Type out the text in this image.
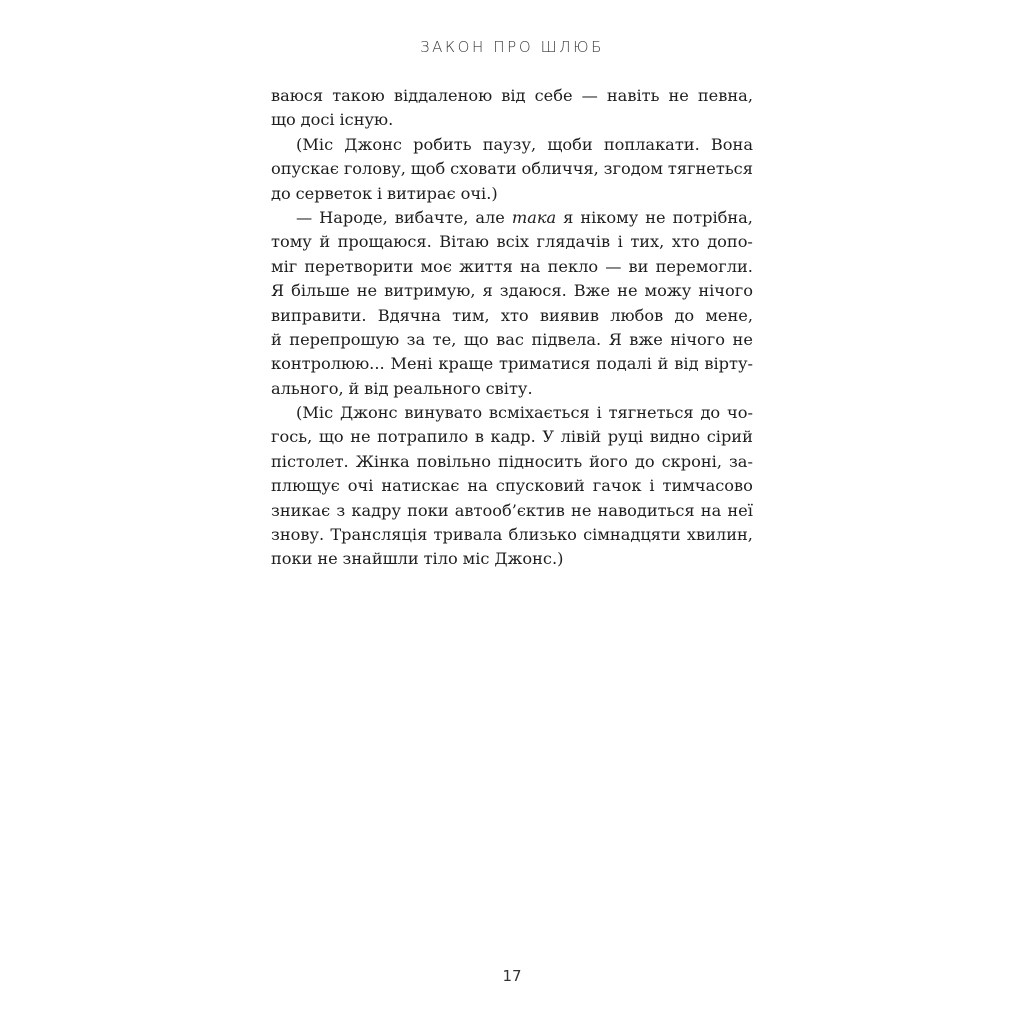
ЗАКОН ПРО ШЛЮБ
ваюся такою віддаленою від себе — навіть не певна,
що досі існую.
(Міс Джонс робить паузу, щоби поплакати. Вона
опускає голову, щоб сховати обличчя, згодом тягнеться
до серветок і витирає очі.)
— Народе, вибачте, але така я нікому не потрібна,
тому й прощаюся. Вітаю всіх глядачів і тих, хто допо-
міг перетворити моє життя на пекло — ви перемогли.
Я більше не витримую, я здаюся. Вже не можу нічого
виправити. Вдячна тим, хто виявив любов до мене,
й перепрошую за те, що вас підвела. Я вже нічого не
контролюю... Мені краще триматися подалі й від вірту-
ального, й від реального світу.
(Міс Джонс винувато всміхається і тягнеться до чо-
гось, що не потрапило в кадр. У лівій руці видно сірий
пістолет. Жінка повільно підносить його до скроні, за-
плющує очі натискає на спусковий гачок і тимчасово
зникає з кадру поки автооб’єктив не наводиться на неї
знову. Трансляція тривала близько сімнадцяти хвилин,
поки не знайшли тіло міс Джонс.)
17
